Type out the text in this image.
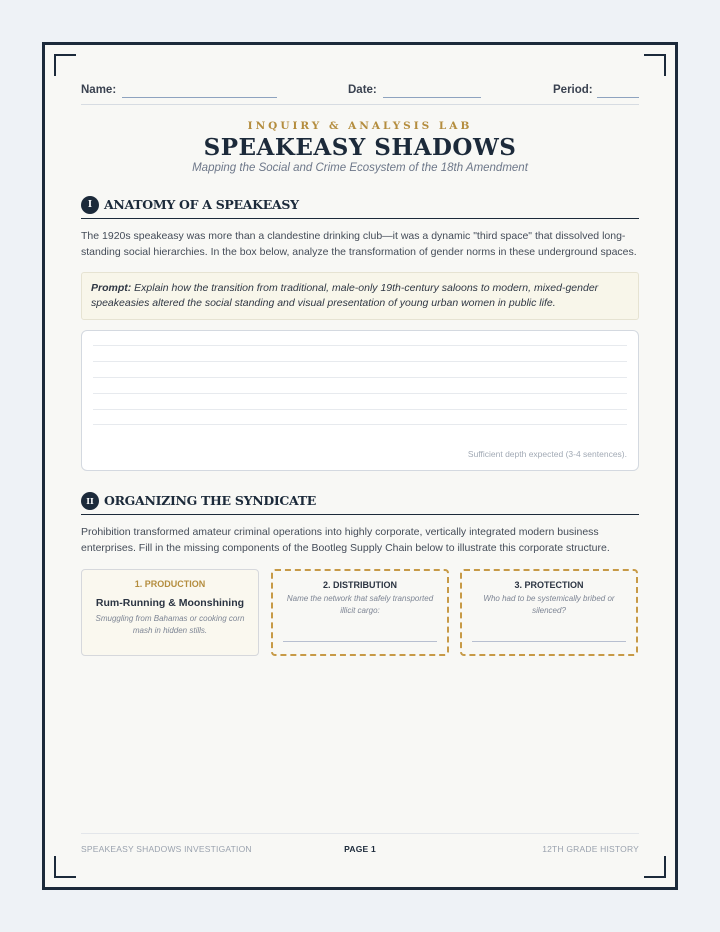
Name:	Date:	Period:
INQUIRY & ANALYSIS LAB
SPEAKEASY SHADOWS
Mapping the Social and Crime Ecosystem of the 18th Amendment
I ANATOMY OF A SPEAKEASY
The 1920s speakeasy was more than a clandestine drinking club—it was a dynamic "third space" that dissolved long-
standing social hierarchies. In the box below, analyze the transformation of gender norms in these underground spaces.
Prompt: Explain how the transition from traditional, male-only 19th-century saloons to modern, mixed-gender
speakeasies altered the social standing and visual presentation of young urban women in public life.
Sufficient depth expected (3-4 sentences).
II ORGANIZING THE SYNDICATE
Prohibition transformed amateur criminal operations into highly corporate, vertically integrated modern business
enterprises. Fill in the missing components of the Bootleg Supply Chain below to illustrate this corporate structure.
1. PRODUCTION
Rum-Running & Moonshining
Smuggling from Bahamas or cooking corn
mash in hidden stills.
2. DISTRIBUTION
Name the network that safely transported
illicit cargo:
3. PROTECTION
Who had to be systemically bribed or
silenced?
SPEAKEASY SHADOWS INVESTIGATION	PAGE 1	12TH GRADE HISTORY
